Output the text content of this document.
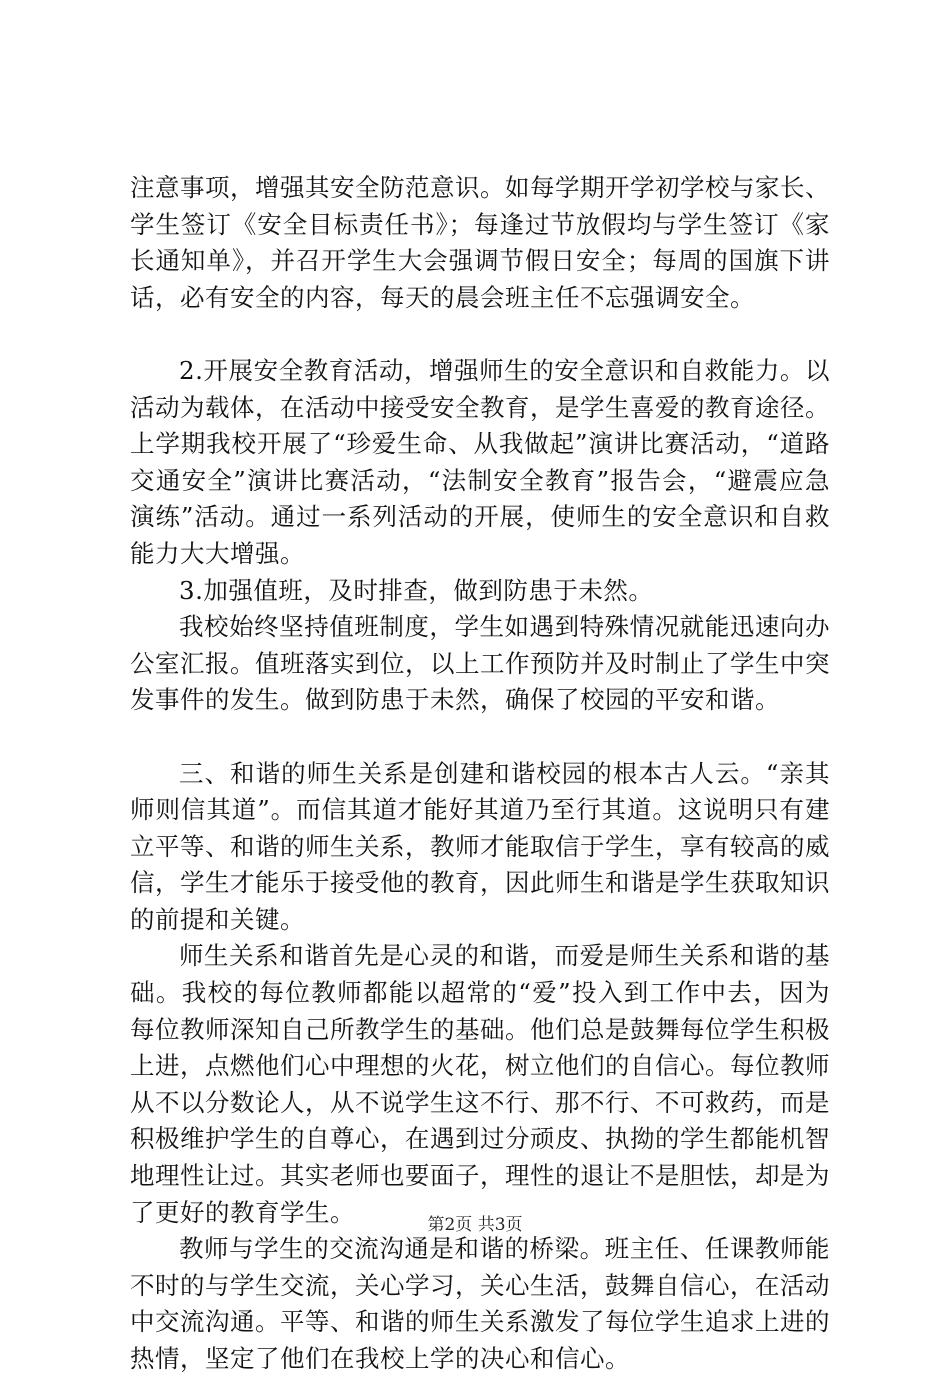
注意事项，增强其安全防范意识。如每学期开学初学校与家长、学生签订《安全目标责任书》；每逢过节放假均与学生签订《家长通知单》，并召开学生大会强调节假日安全；每周的国旗下讲话，必有安全的内容，每天的晨会班主任不忘强调安全。

2.开展安全教育活动，增强师生的安全意识和自救能力。以活动为载体，在活动中接受安全教育，是学生喜爱的教育途径。上学期我校开展了“珍爱生命、从我做起”演讲比赛活动，“道路交通安全”演讲比赛活动，“法制安全教育”报告会，“避震应急演练”活动。通过一系列活动的开展，使师生的安全意识和自救能力大大增强。

3.加强值班，及时排查，做到防患于未然。

我校始终坚持值班制度，学生如遇到特殊情况就能迅速向办公室汇报。值班落实到位，以上工作预防并及时制止了学生中突发事件的发生。做到防患于未然，确保了校园的平安和谐。

三、和谐的师生关系是创建和谐校园的根本古人云。“亲其师则信其道”。而信其道才能好其道乃至行其道。这说明只有建立平等、和谐的师生关系，教师才能取信于学生，享有较高的威信，学生才能乐于接受他的教育，因此师生和谐是学生获取知识的前提和关键。

师生关系和谐首先是心灵的和谐，而爱是师生关系和谐的基础。我校的每位教师都能以超常的“爱”投入到工作中去，因为每位教师深知自己所教学生的基础。他们总是鼓舞每位学生积极上进，点燃他们心中理想的火花，树立他们的自信心。每位教师从不以分数论人，从不说学生这不行、那不行、不可救药，而是积极维护学生的自尊心，在遇到过分顽皮、执拗的学生都能机智地理性让过。其实老师也要面子，理性的退让不是胆怯，却是为了更好的教育学生。

教师与学生的交流沟通是和谐的桥梁。班主任、任课教师能不时的与学生交流，关心学习，关心生活，鼓舞自信心，在活动中交流沟通。平等、和谐的师生关系激发了每位学生追求上进的热情，坚定了他们在我校上学的决心和信心。

第2页 共3页
